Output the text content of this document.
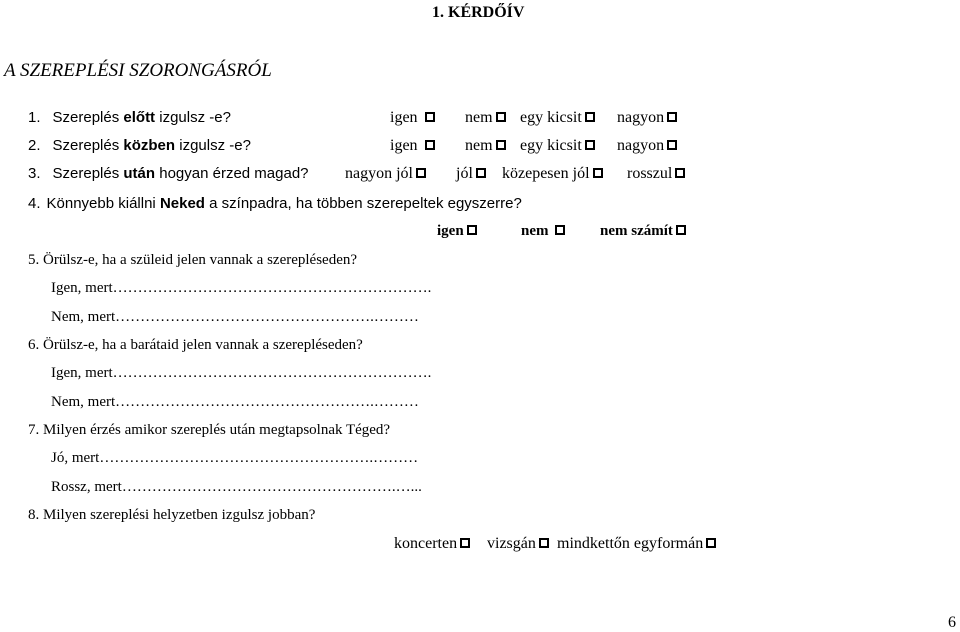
1. KÉRDŐÍV
A SZEREPLÉSI SZORONGÁSRÓL
1. Szereplés előtt izgulsz -e?	igen	nem	egy kicsit	nagyon
2. Szereplés közben izgulsz -e?	igen	nem	egy kicsit	nagyon
3. Szereplés után hogyan érzed magad? nagyon jól	jól	közepesen jól	rosszul
4. Könnyebb kiállni Neked a színpadra, ha többen szerepeltek egyszerre?
igen	nem	nem számít
5. Örülsz-e, ha a szüleid jelen vannak a szerepléseden?
Igen, mert……………………………………………………….
Nem, mert…………………………………………….………
6. Örülsz-e, ha a barátaid jelen vannak a szerepléseden?
Igen, mert……………………………………………………….
Nem, mert…………………………………………….………
7. Milyen érzés amikor szereplés után megtapsolnak Téged?
Jó, mert……………………………………………….………
Rossz, mert……………………………………………….…...
8. Milyen szereplési helyzetben izgulsz jobban?
koncerten	vizsgán	mindkettőn egyformán
6
